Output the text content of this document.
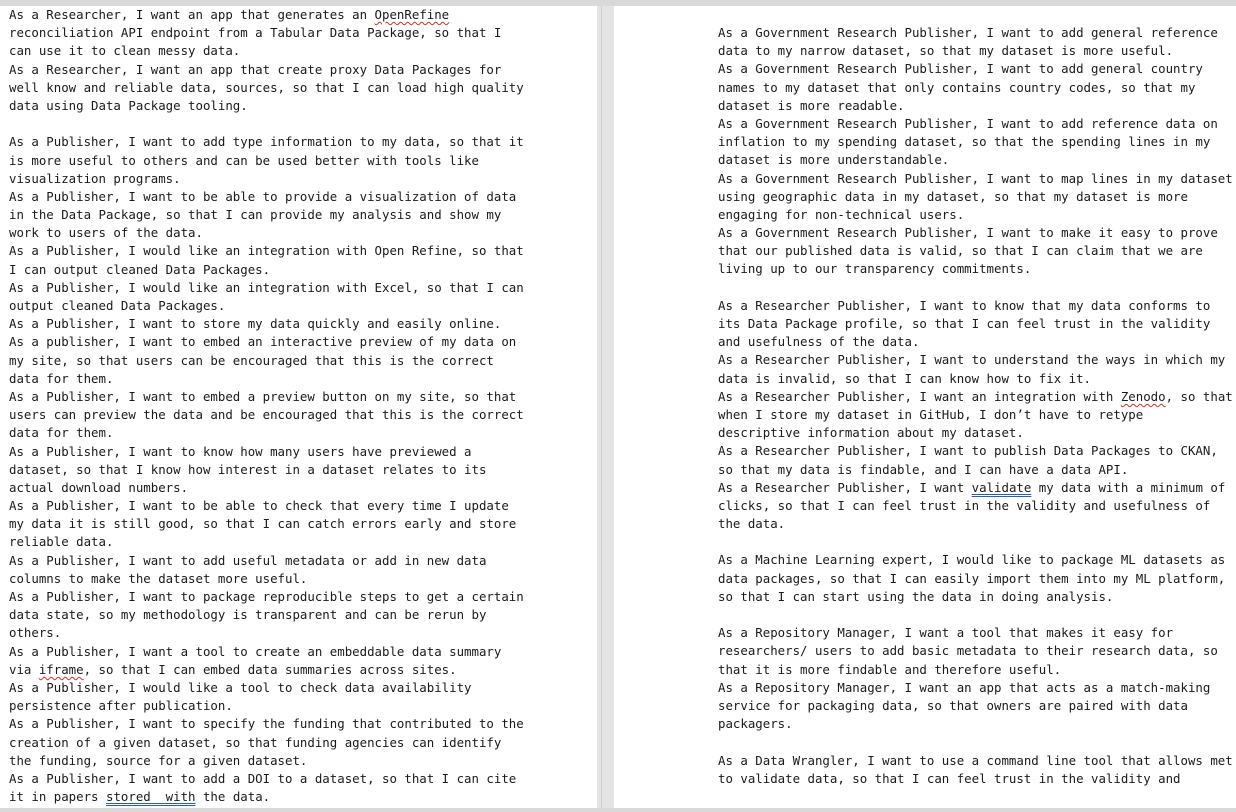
As a Researcher, I want an app that generates an OpenRefine
reconciliation API endpoint from a Tabular Data Package, so that I
can use it to clean messy data.
As a Researcher, I want an app that create proxy Data Packages for
well know and reliable data, sources, so that I can load high quality
data using Data Package tooling.

As a Publisher, I want to add type information to my data, so that it
is more useful to others and can be used better with tools like
visualization programs.
As a Publisher, I want to be able to provide a visualization of data
in the Data Package, so that I can provide my analysis and show my
work to users of the data.
As a Publisher, I would like an integration with Open Refine, so that
I can output cleaned Data Packages.
As a Publisher, I would like an integration with Excel, so that I can
output cleaned Data Packages.
As a Publisher, I want to store my data quickly and easily online.
As a publisher, I want to embed an interactive preview of my data on
my site, so that users can be encouraged that this is the correct
data for them.
As a Publisher, I want to embed a preview button on my site, so that
users can preview the data and be encouraged that this is the correct
data for them.
As a Publisher, I want to know how many users have previewed a
dataset, so that I know how interest in a dataset relates to its
actual download numbers.
As a Publisher, I want to be able to check that every time I update
my data it is still good, so that I can catch errors early and store
reliable data.
As a Publisher, I want to add useful metadata or add in new data
columns to make the dataset more useful.
As a Publisher, I want to package reproducible steps to get a certain
data state, so my methodology is transparent and can be rerun by
others.
As a Publisher, I want a tool to create an embeddable data summary
via iframe, so that I can embed data summaries across sites.
As a Publisher, I would like a tool to check data availability
persistence after publication.
As a Publisher, I want to specify the funding that contributed to the
creation of a given dataset, so that funding agencies can identify
the funding, source for a given dataset.
As a Publisher, I want to add a DOI to a dataset, so that I can cite
it in papers stored  with the data.
As a Government Research Publisher, I want to add general reference
data to my narrow dataset, so that my dataset is more useful.
As a Government Research Publisher, I want to add general country
names to my dataset that only contains country codes, so that my
dataset is more readable.
As a Government Research Publisher, I want to add reference data on
inflation to my spending dataset, so that the spending lines in my
dataset is more understandable.
As a Government Research Publisher, I want to map lines in my dataset
using geographic data in my dataset, so that my dataset is more
engaging for non-technical users.
As a Government Research Publisher, I want to make it easy to prove
that our published data is valid, so that I can claim that we are
living up to our transparency commitments.

As a Researcher Publisher, I want to know that my data conforms to
its Data Package profile, so that I can feel trust in the validity
and usefulness of the data.
As a Researcher Publisher, I want to understand the ways in which my
data is invalid, so that I can know how to fix it.
As a Researcher Publisher, I want an integration with Zenodo, so that
when I store my dataset in GitHub, I don’t have to retype
descriptive information about my dataset.
As a Researcher Publisher, I want to publish Data Packages to CKAN,
so that my data is findable, and I can have a data API.
As a Researcher Publisher, I want validate my data with a minimum of
clicks, so that I can feel trust in the validity and usefulness of
the data.

As a Machine Learning expert, I would like to package ML datasets as
data packages, so that I can easily import them into my ML platform,
so that I can start using the data in doing analysis.

As a Repository Manager, I want a tool that makes it easy for
researchers/ users to add basic metadata to their research data, so
that it is more findable and therefore useful.
As a Repository Manager, I want an app that acts as a match-making
service for packaging data, so that owners are paired with data
packagers.

As a Data Wrangler, I want to use a command line tool that allows met
to validate data, so that I can feel trust in the validity and
